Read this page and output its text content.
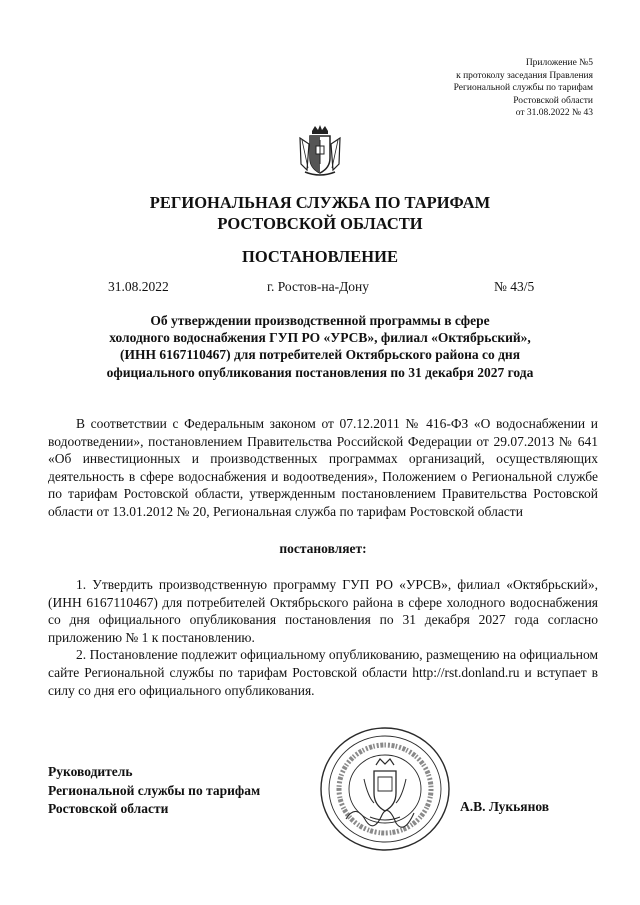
Приложение №5
к протоколу заседания Правления
Региональной службы по тарифам
Ростовской области
от 31.08.2022 № 43
РЕГИОНАЛЬНАЯ СЛУЖБА ПО ТАРИФАМ
РОСТОВСКОЙ ОБЛАСТИ
ПОСТАНОВЛЕНИЕ
31.08.2022	г. Ростов-на-Дону	№ 43/5
Об утверждении производственной программы в сфере
холодного водоснабжения ГУП РО «УРСВ», филиал «Октябрьский»,
(ИНН 6167110467) для потребителей Октябрьского района со дня
официального опубликования постановления по 31 декабря 2027 года
В соответствии с Федеральным законом от 07.12.2011 № 416-ФЗ «О водоснабжении и водоотведении», постановлением Правительства Российской Федерации от 29.07.2013 № 641 «Об инвестиционных и производственных программах организаций, осуществляющих деятельность в сфере водоснабжения и водоотведения», Положением о Региональной службе по тарифам Ростовской области, утвержденным постановлением Правительства Ростовской области от 13.01.2012 № 20, Региональная служба по тарифам Ростовской области
постановляет:

1. Утвердить производственную программу ГУП РО «УРСВ», филиал «Октябрьский», (ИНН 6167110467) для потребителей Октябрьского района в сфере холодного водоснабжения со дня официального опубликования постановления по 31 декабря 2027 года согласно приложению № 1 к постановлению.

2. Постановление подлежит официальному опубликованию, размещению на официальном сайте Региональной службы по тарифам Ростовской области http://rst.donland.ru и вступает в силу со дня его официального опубликования.

Руководитель
Региональной службы по тарифам
Ростовской области	А.В. Лукьянов
